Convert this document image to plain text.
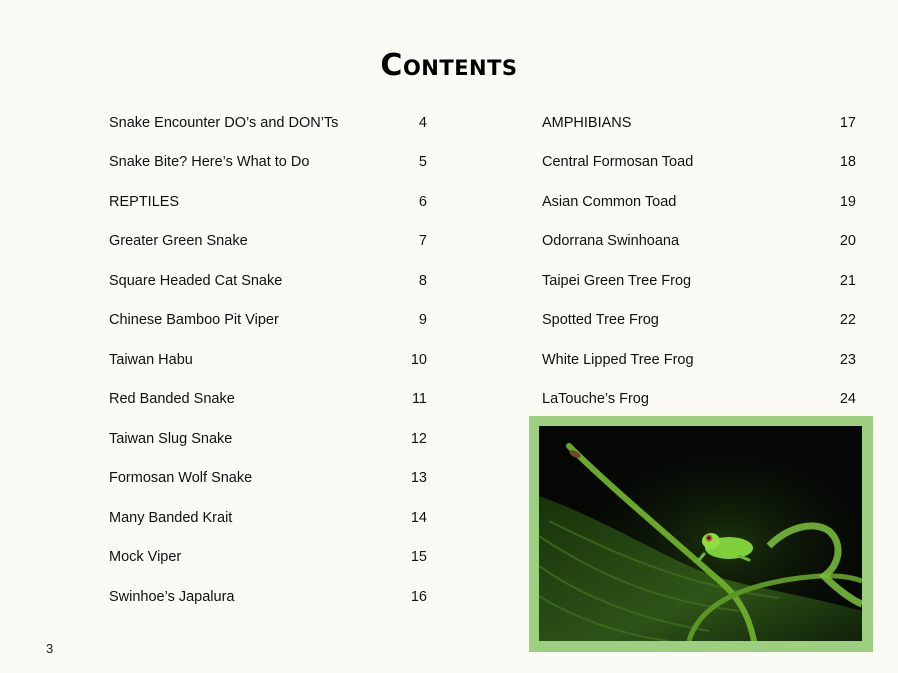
Contents
Snake Encounter DO’s and DON’Ts	4
Snake Bite? Here’s What to Do	5
REPTILES	6
Greater Green Snake	7
Square Headed Cat Snake	8
Chinese Bamboo Pit Viper	9
Taiwan Habu	10
Red Banded Snake	11
Taiwan Slug Snake	12
Formosan Wolf Snake	13
Many Banded Krait	14
Mock Viper	15
Swinhoe’s Japalura	16
AMPHIBIANS	17
Central Formosan Toad	18
Asian Common Toad	19
Odorrana Swinhoana	20
Taipei Green Tree Frog	21
Spotted Tree Frog	22
White Lipped Tree Frog	23
LaTouche’s Frog	24
3
